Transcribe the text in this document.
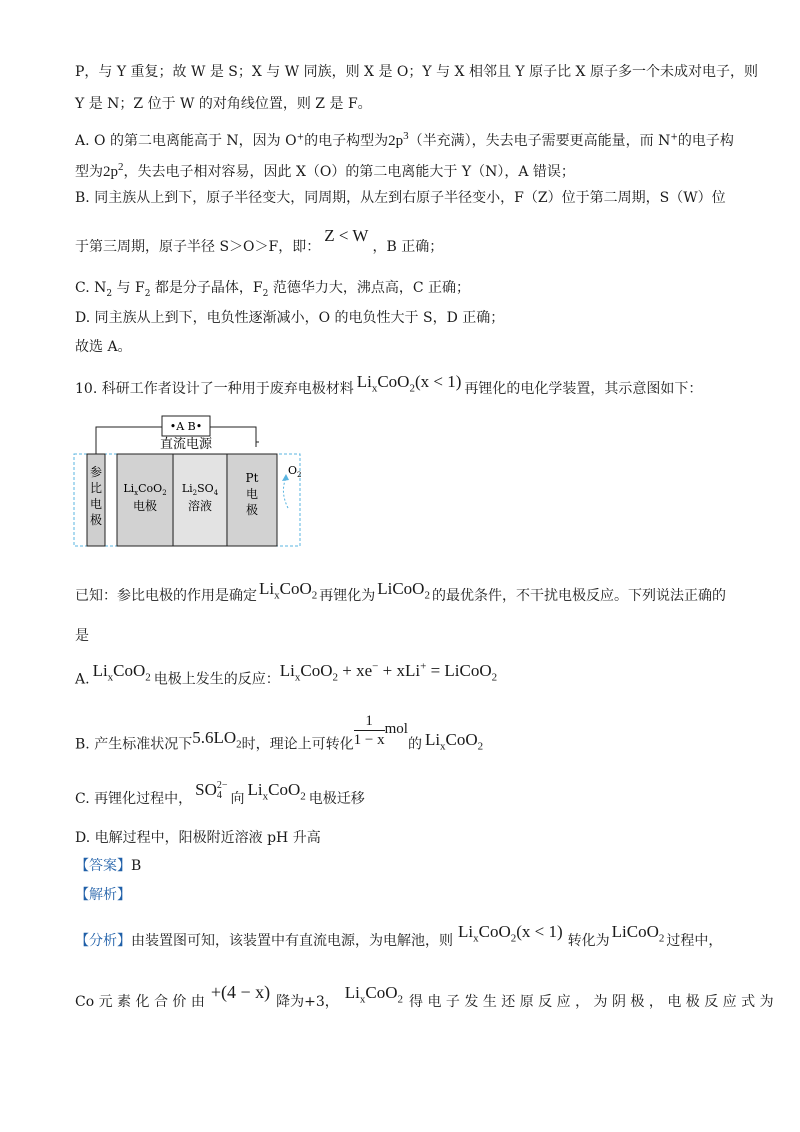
P，与 Y 重复；故 W 是 S；X 与 W 同族，则 X 是 O；Y 与 X 相邻且 Y 原子比 X 原子多一个未成对电子，则
Y 是 N；Z 位于 W 的对角线位置，则 Z 是 F。
A. O 的第二电离能高于 N，因为 O+的电子构型为$2p^3$（半充满），失去电子需要更高能量，而 N+的电子构
型为$2p^2$，失去电子相对容易，因此 X（O）的第二电离能大于 Y（N），A 错误；
B. 同主族从上到下，原子半径变大，同周期，从左到右原子半径变小，F（Z）位于第二周期，S（W）位
于第三周期，原子半径 S＞O＞F，即：Z < W，B 正确；
C. $N_2$ 与 $F_2$ 都是分子晶体，$F_2$ 范德华力大，沸点高，C 正确；
D. 同主族从上到下，电负性逐渐减小，O 的电负性大于 S，D 正确；
故选 A。
10. 科研工作者设计了一种用于废弃电极材料 $Li_xCoO_2(x < 1)$ 再锂化的电化学装置，其示意图如下：
•A B•
直流电源
参
比
电
极
$Li_xCoO_2$
电极
$Li_2SO_4$
溶液
Pt
电
极
$O_2$
已知：参比电极的作用是确定 $Li_xCoO_2$ 再锂化为 LiCoO$_2$ 的最优条件，不干扰电极反应。下列说法正确的
是
A. $Li_xCoO_2$ 电极上发生的反应：$Li_xCoO_2 + xe^- + xLi^+$ = LiCoO$_2$
B. 产生标准状况下$5.6LO_2$时，理论上可转化 $\frac{1}{1 - x}$ mol的 $Li_xCoO_2$
C. 再锂化过程中， SO 2−
4 向 $Li_xCoO_2$ 电极迁移
D. 电解过程中，阳极附近溶液 pH 升高
【答案】B
【解析】
【分析】由装置图可知，该装置中有直流电源，为电解池，则 $Li_xCoO_2(x < 1)$ 转化为 LiCoO$_2$ 过程中，
Co 元 素 化 合 价 由 +(4 − x) 降为+3， $Li_xCoO_2$ 得 电 子 发 生 还 原 反 应 ， 为 阴 极 ， 电 极 反 应 式 为
